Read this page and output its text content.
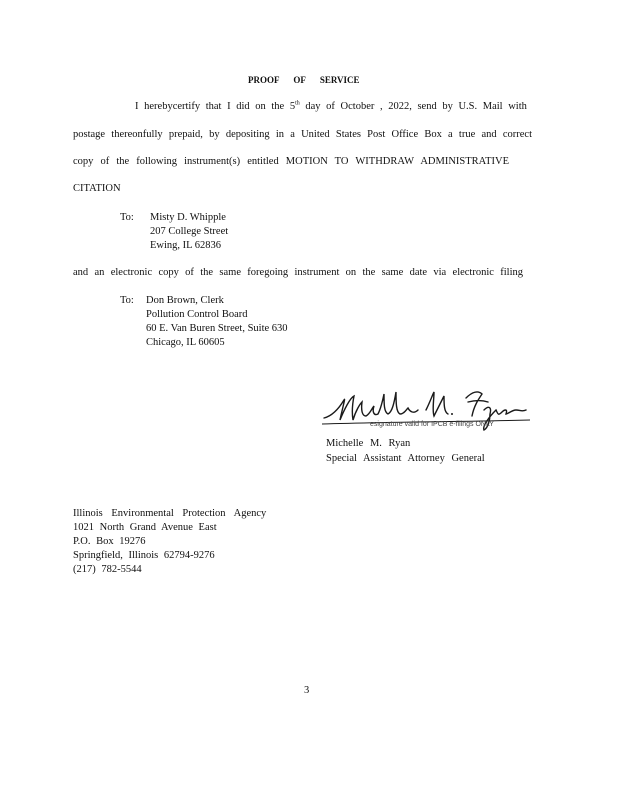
PROOF OF SERVICE
I herebycertify that I did on the 5th day of October , 2022, send by U.S. Mail with
postage thereonfully prepaid, by depositing in a United States Post Office Box a true and correct
copy of the following instrument(s) entitled MOTION TO WITHDRAW ADMINISTRATIVE
CITATION
To: Misty D. Whipple
207 College Street
Ewing, IL 62836
and an electronic copy of the same foregoing instrument on the same date via electronic filing
To: Don Brown, Clerk
Pollution Control Board
60 E. Van Buren Street, Suite 630
Chicago, IL 60605
esignature valid for IPCB e-filings ONLY
Michelle M. Ryan
Special Assistant Attorney General
Illinois Environmental Protection Agency
1021 North Grand Avenue East
P.O. Box 19276
Springfield, Illinois 62794-9276
(217) 782-5544
3
